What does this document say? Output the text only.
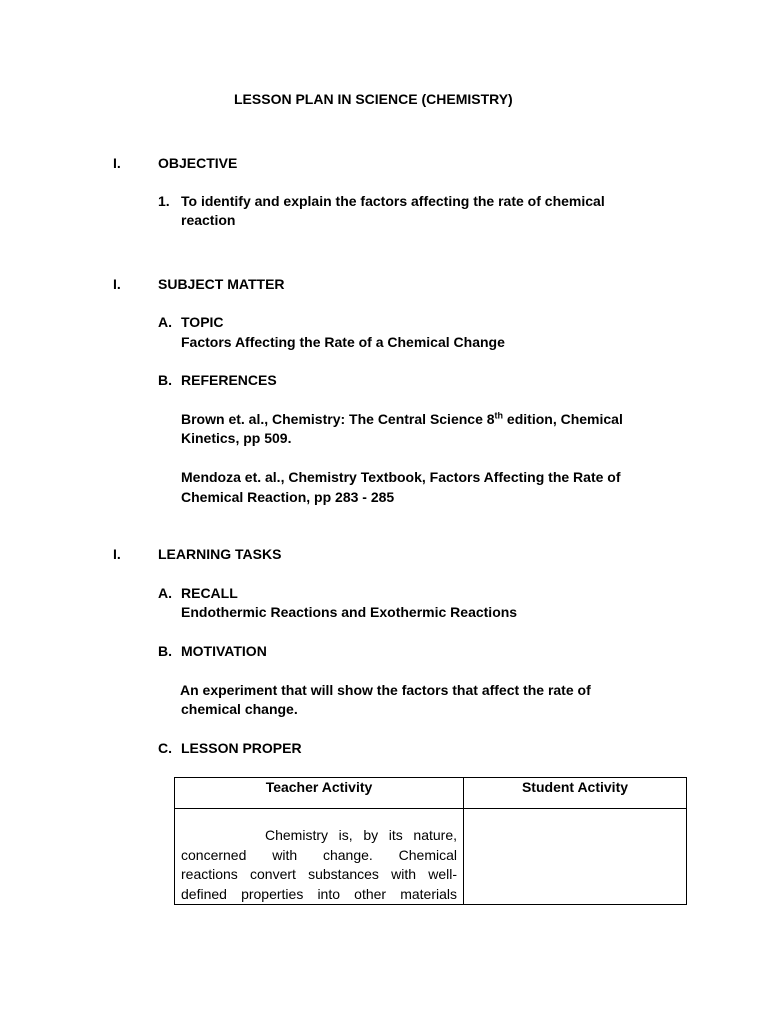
LESSON PLAN IN SCIENCE (CHEMISTRY)
I.	OBJECTIVE
1. To identify and explain the factors affecting the rate of chemical
reaction
I.	SUBJECT MATTER
A. TOPIC
Factors Affecting the Rate of a Chemical Change
B. REFERENCES
Brown et. al., Chemistry: The Central Science 8th edition, Chemical
Kinetics, pp 509.
Mendoza et. al., Chemistry Textbook, Factors Affecting the Rate of
Chemical Reaction, pp 283 - 285
I.	LEARNING TASKS
A. RECALL
Endothermic Reactions and Exothermic Reactions
B. MOTIVATION
An experiment that will show the factors that affect the rate of
chemical change.
C. LESSON PROPER
Teacher Activity	Student Activity

Chemistry is, by its nature,
concerned with change. Chemical
reactions convert substances with well-
defined properties into other materials	
